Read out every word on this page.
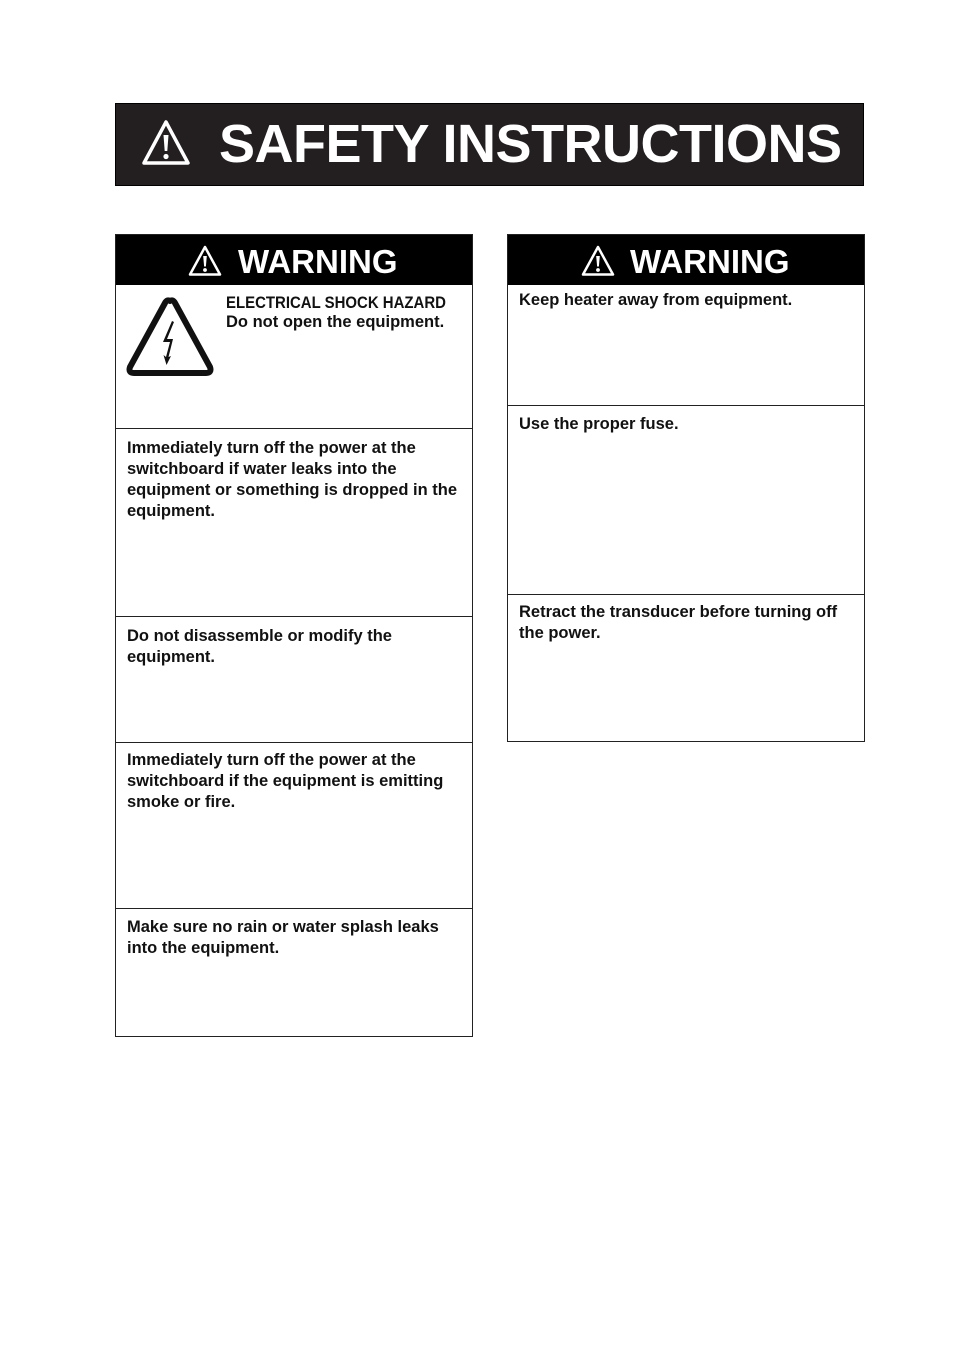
SAFETY INSTRUCTIONS
WARNING
ELECTRICAL SHOCK HAZARD
Do not open the equipment.
Immediately turn off the power at the switchboard if water leaks into the equipment or something is dropped in the equipment.
Do not disassemble or modify the equipment.
Immediately turn off the power at the switchboard if the equipment is emitting smoke or fire.
Make sure no rain or water splash leaks into the equipment.
WARNING
Keep heater away from equipment.
Use the proper fuse.
Retract the transducer before turning off the power.
